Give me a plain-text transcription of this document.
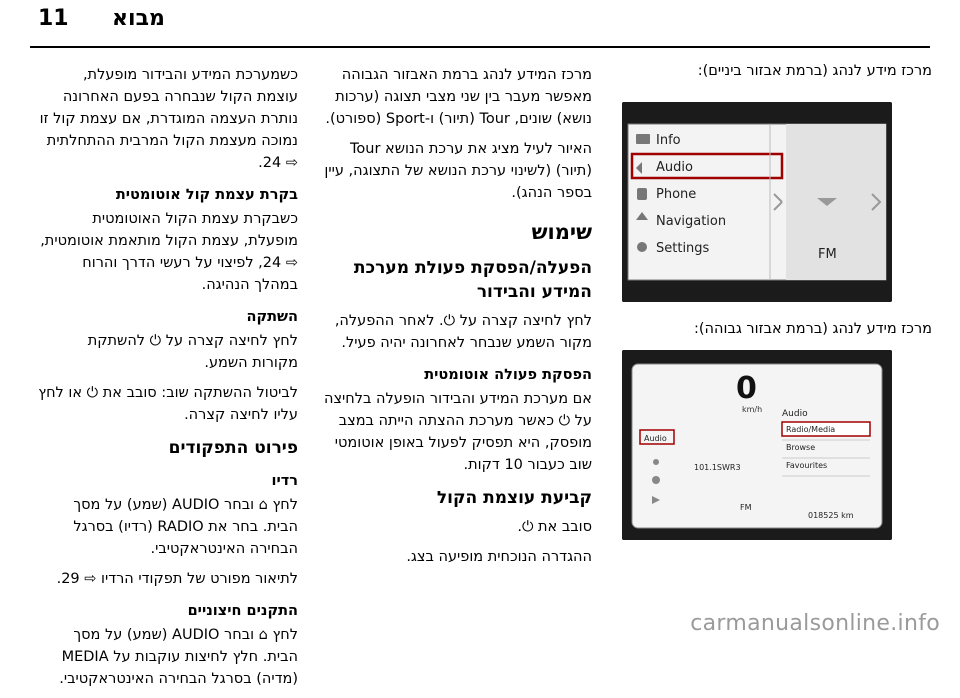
11 מבוא
מרכז מידע לנהג (ברמת אבזור ביניים):
Info
Audio
Phone
Navigation
Settings	FM
מרכז מידע לנהג (ברמת אבזור גבוהה):
0
km/h Audio
Audio
Radio/Media
Browse
Favourites
101.1SWR3
FM
018525 km

מרכז המידע לנהג ברמת האבזור הגבוהה מאפשר מעבר בין שני מצבי תצוגה (ערכות נושא) שונים, Tour (תיור) ו-Sport (ספורט).

האיור לעיל מציג את ערכת הנושא Tour (תיור) (לשינוי ערכת הנושא של התצוגה, עיין בספר הנהג).

שימוש
הפעלה/הפסקת פעולת מערכת המידע והבידור

לחץ לחיצה קצרה על ⏻. לאחר ההפעלה, מקור השמע שנבחר לאחרונה יהיה פעיל.

הפסקת פעולה אוטומטית

אם מערכת המידע והבידור הופעלה בלחיצה על ⏻ כאשר מערכת ההצתה הייתה במצב מופסק, היא תפסיק לפעול באופן אוטומטי שוב כעבור 10 דקות.

קביעת עוצמת הקול

סובב את ⏻.

ההגדרה הנוכחית מופיעה בצג.

כשמערכת המידע והבידור מופעלת, עוצמת הקול שנבחרה בפעם האחרונה נותרת העצמה המוגדרת, אם עצמת קול זו נמוכה מעצמת הקול המרבית ההתחלתית ⇨ 24.

בקרת עצמת קול אוטומטית

כשבקרת עצמת הקול האוטומטית מופעלת, עצמת הקול מותאמת אוטומטית, ⇨ 24, לפיצוי על רעשי הדרך והרוח במהלך הנהיגה.

השתקה

לחץ לחיצה קצרה על ⏻ להשתקת מקורות השמע.

לביטול ההשתקה שוב: סובב את ⏻ או לחץ עליו לחיצה קצרה.

פירוט התפקודים
רדיו

לחץ ⌂ ובחר AUDIO (שמע) על מסך הבית. בחר את RADIO (רדיו) בסרגל הבחירה האינטראקטיבי.

לתיאור מפורט של תפקודי הרדיו ⇨ 29.

התקנים חיצוניים

לחץ ⌂ ובחר AUDIO (שמע) על מסך הבית. חלץ לחיצות עוקבות על MEDIA (מדיה) בסרגל הבחירה האינטראקטיבי.

carmanualsonline.info
